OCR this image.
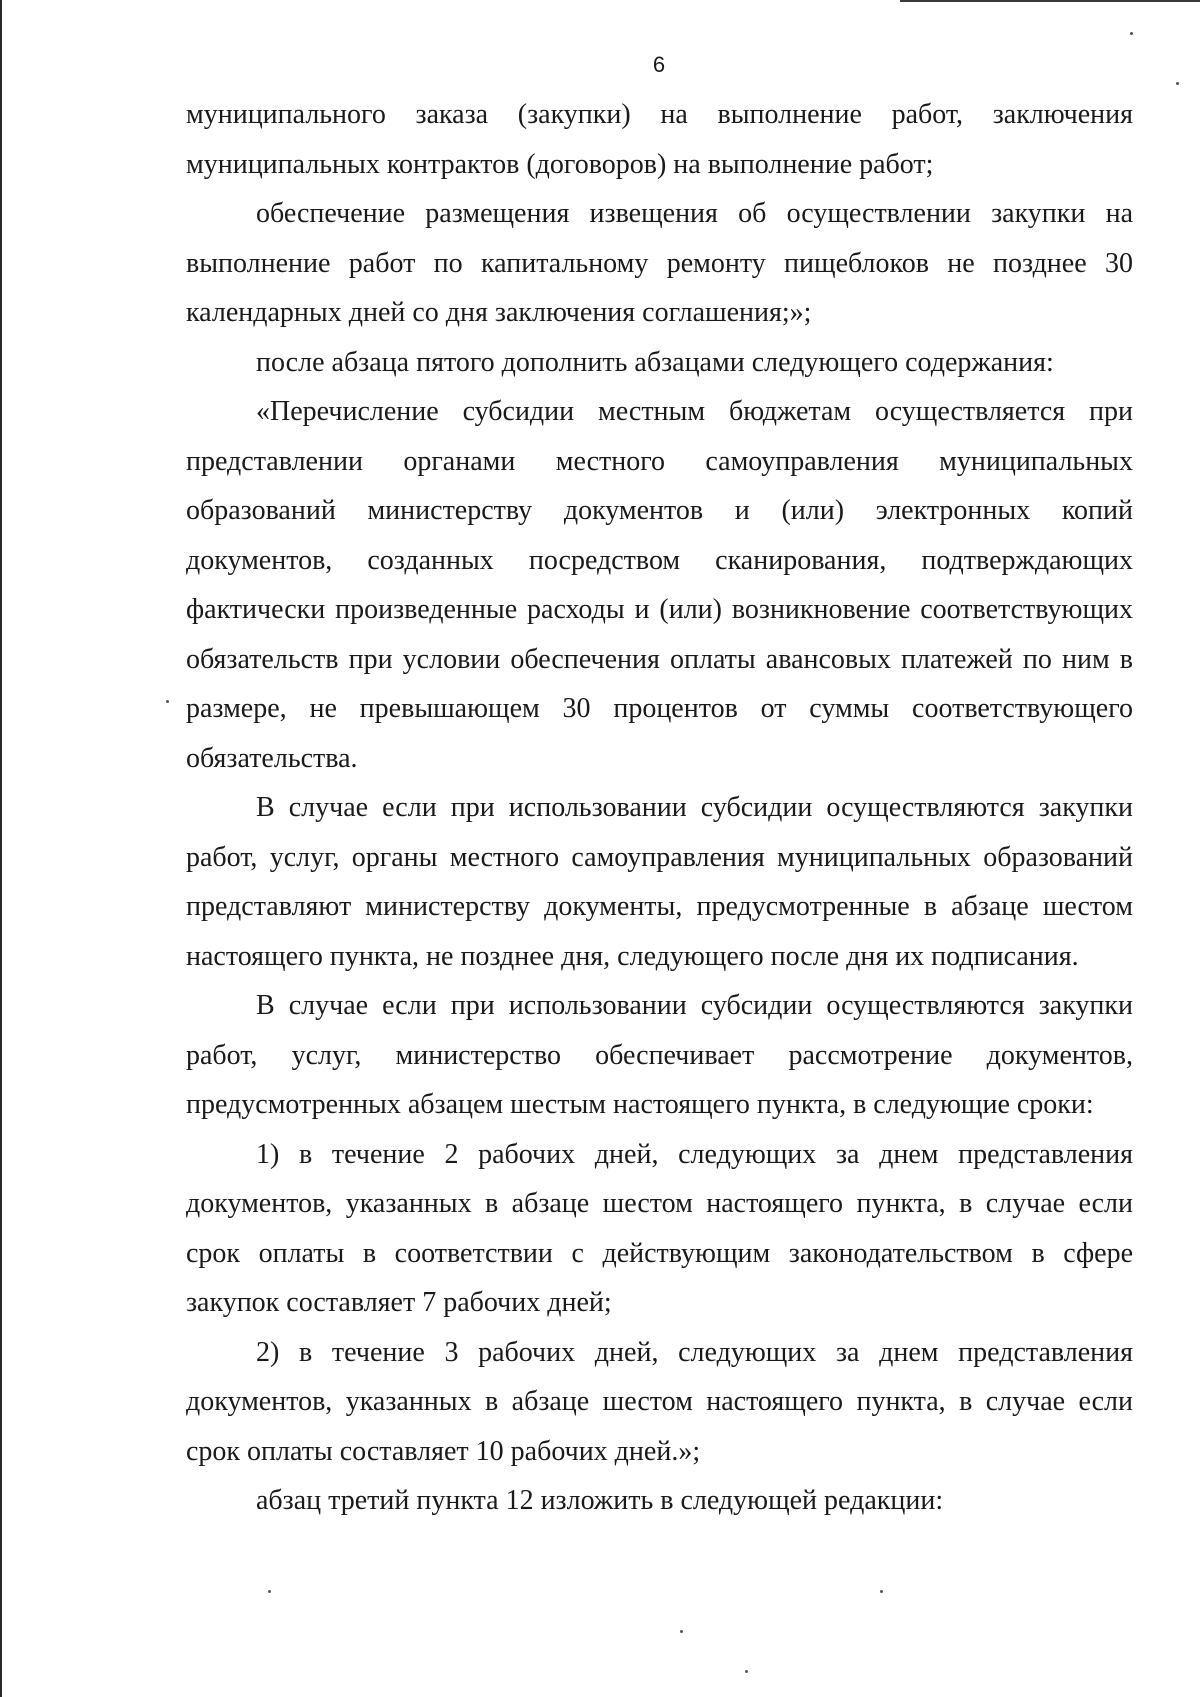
6

муниципального заказа (закупки) на выполнение работ, заключения муниципальных контрактов (договоров) на выполнение работ;

обеспечение размещения извещения об осуществлении закупки на выполнение работ по капитальному ремонту пищеблоков не позднее 30 календарных дней со дня заключения соглашения;»;

после абзаца пятого дополнить абзацами следующего содержания:

«Перечисление субсидии местным бюджетам осуществляется при представлении органами местного самоуправления муниципальных образований министерству документов и (или) электронных копий документов, созданных посредством сканирования, подтверждающих фактически произведенные расходы и (или) возникновение соответствующих обязательств при условии обеспечения оплаты авансовых платежей по ним в размере, не превышающем 30 процентов от суммы соответствующего обязательства.

В случае если при использовании субсидии осуществляются закупки работ, услуг, органы местного самоуправления муниципальных образований представляют министерству документы, предусмотренные в абзаце шестом настоящего пункта, не позднее дня, следующего после дня их подписания.

В случае если при использовании субсидии осуществляются закупки работ, услуг, министерство обеспечивает рассмотрение документов, предусмотренных абзацем шестым настоящего пункта, в следующие сроки:

1) в течение 2 рабочих дней, следующих за днем представления документов, указанных в абзаце шестом настоящего пункта, в случае если срок оплаты в соответствии с действующим законодательством в сфере закупок составляет 7 рабочих дней;

2) в течение 3 рабочих дней, следующих за днем представления документов, указанных в абзаце шестом настоящего пункта, в случае если срок оплаты составляет 10 рабочих дней.»;

абзац третий пункта 12 изложить в следующей редакции:
